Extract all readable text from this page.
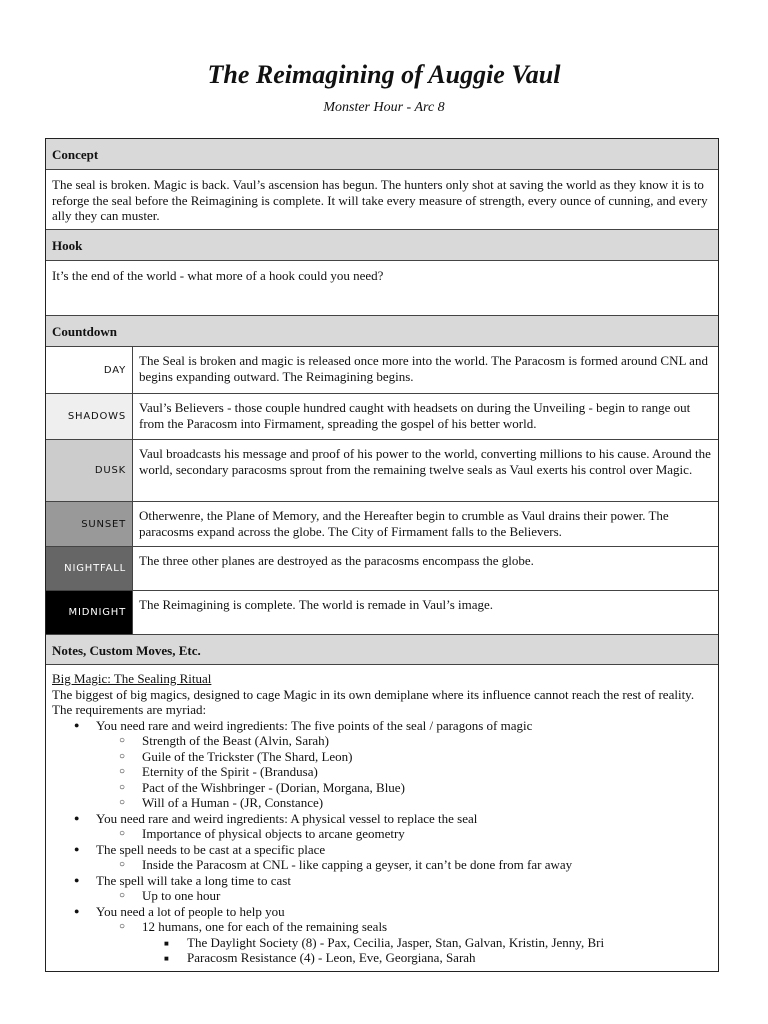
The Reimagining of Auggie Vaul
Monster Hour - Arc 8
Concept
The seal is broken. Magic is back. Vaul’s ascension has begun. The hunters only shot at saving the world as they know it is to reforge the seal before the Reimagining is complete. It will take every measure of strength, every ounce of cunning, and every ally they can muster.
Hook
It’s the end of the world - what more of a hook could you need?
Countdown
DAY
The Seal is broken and magic is released once more into the world. The Paracosm is formed around CNL and begins expanding outward. The Reimagining begins.
SHADOWS
Vaul’s Believers - those couple hundred caught with headsets on during the Unveiling - begin to range out from the Paracosm into Firmament, spreading the gospel of his better world.
DUSK
Vaul broadcasts his message and proof of his power to the world, converting millions to his cause. Around the world, secondary paracosms sprout from the remaining twelve seals as Vaul exerts his control over Magic.
SUNSET
Otherwenre, the Plane of Memory, and the Hereafter begin to crumble as Vaul drains their power. The paracosms expand across the globe. The City of Firmament falls to the Believers.
NIGHTFALL
The three other planes are destroyed as the paracosms encompass the globe.
MIDNIGHT
The Reimagining is complete. The world is remade in Vaul’s image.
Notes, Custom Moves, Etc.
Big Magic: The Sealing Ritual
The biggest of big magics, designed to cage Magic in its own demiplane where its influence cannot reach the rest of reality. The requirements are myriad:
● You need rare and weird ingredients: The five points of the seal / paragons of magic
○ Strength of the Beast (Alvin, Sarah)
○ Guile of the Trickster (The Shard, Leon)
○ Eternity of the Spirit - (Brandusa)
○ Pact of the Wishbringer - (Dorian, Morgana, Blue)
○ Will of a Human - (JR, Constance)
● You need rare and weird ingredients: A physical vessel to replace the seal
○ Importance of physical objects to arcane geometry
● The spell needs to be cast at a specific place
○ Inside the Paracosm at CNL - like capping a geyser, it can’t be done from far away
● The spell will take a long time to cast
○ Up to one hour
● You need a lot of people to help you
○ 12 humans, one for each of the remaining seals
■ The Daylight Society (8) - Pax, Cecilia, Jasper, Stan, Galvan, Kristin, Jenny, Bri
■ Paracosm Resistance (4) - Leon, Eve, Georgiana, Sarah
